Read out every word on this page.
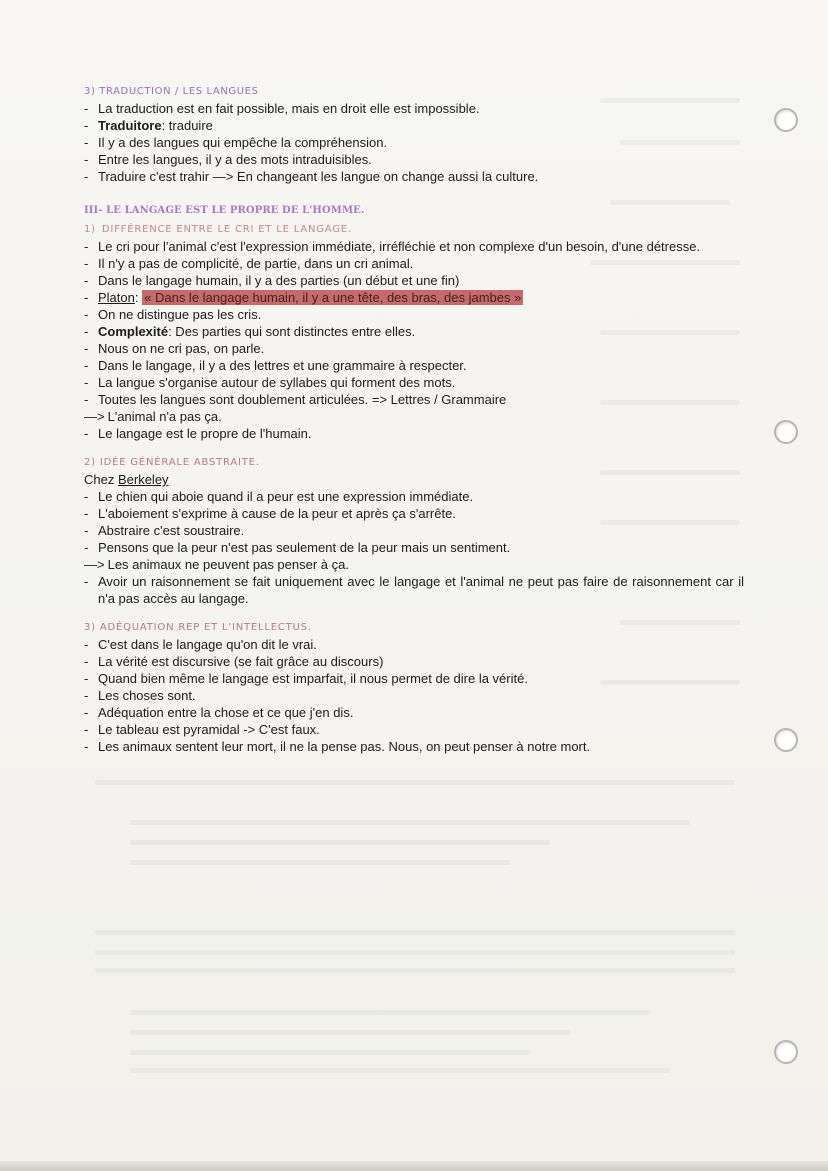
3) TRADUCTION / LES LANGUES
- La traduction est en fait possible, mais en droit elle est impossible.
- Traduitore: traduire
- Il y a des langues qui empêche la compréhension.
- Entre les langues, il y a des mots intraduisibles.
- Traduire c'est trahir —> En changeant les langue on change aussi la culture.
III- LE LANGAGE EST LE PROPRE DE L'HOMME.
1) DIFFÉRENCE ENTRE LE CRI ET LE LANGAGE.
- Le cri pour l'animal c'est l'expression immédiate, irréfléchie et non complexe d'un besoin, d'une détresse.
- Il n'y a pas de complicité, de partie, dans un cri animal.
- Dans le langage humain, il y a des parties (un début et une fin)
- Platon: « Dans le langage humain, il y a une tête, des bras, des jambes »
- On ne distingue pas les cris.
- Complexité: Des parties qui sont distinctes entre elles.
- Nous on ne cri pas, on parle.
- Dans le langage, il y a des lettres et une grammaire à respecter.
- La langue s'organise autour de syllabes qui forment des mots.
- Toutes les langues sont doublement articulées. => Lettres / Grammaire
—> L'animal n'a pas ça.
- Le langage est le propre de l'humain.
2) IDÉE GÉNÉRALE ABSTRAITE.
Chez Berkeley
- Le chien qui aboie quand il a peur est une expression immédiate.
- L'aboiement s'exprime à cause de la peur et après ça s'arrête.
- Abstraire c'est soustraire.
- Pensons que la peur n'est pas seulement de la peur mais un sentiment.
—> Les animaux ne peuvent pas penser à ça.
- Avoir un raisonnement se fait uniquement avec le langage et l'animal ne peut pas faire de raisonnement car il n'a pas accès au langage.
3) ADÉQUATION REP ET L'INTELLECTUS.
- C'est dans le langage qu'on dit le vrai.
- La vérité est discursive (se fait grâce au discours)
- Quand bien même le langage est imparfait, il nous permet de dire la vérité.
- Les choses sont.
- Adéquation entre la chose et ce que j'en dis.
- Le tableau est pyramidal -> C'est faux.
- Les animaux sentent leur mort, il ne la pense pas. Nous, on peut penser à notre mort.
